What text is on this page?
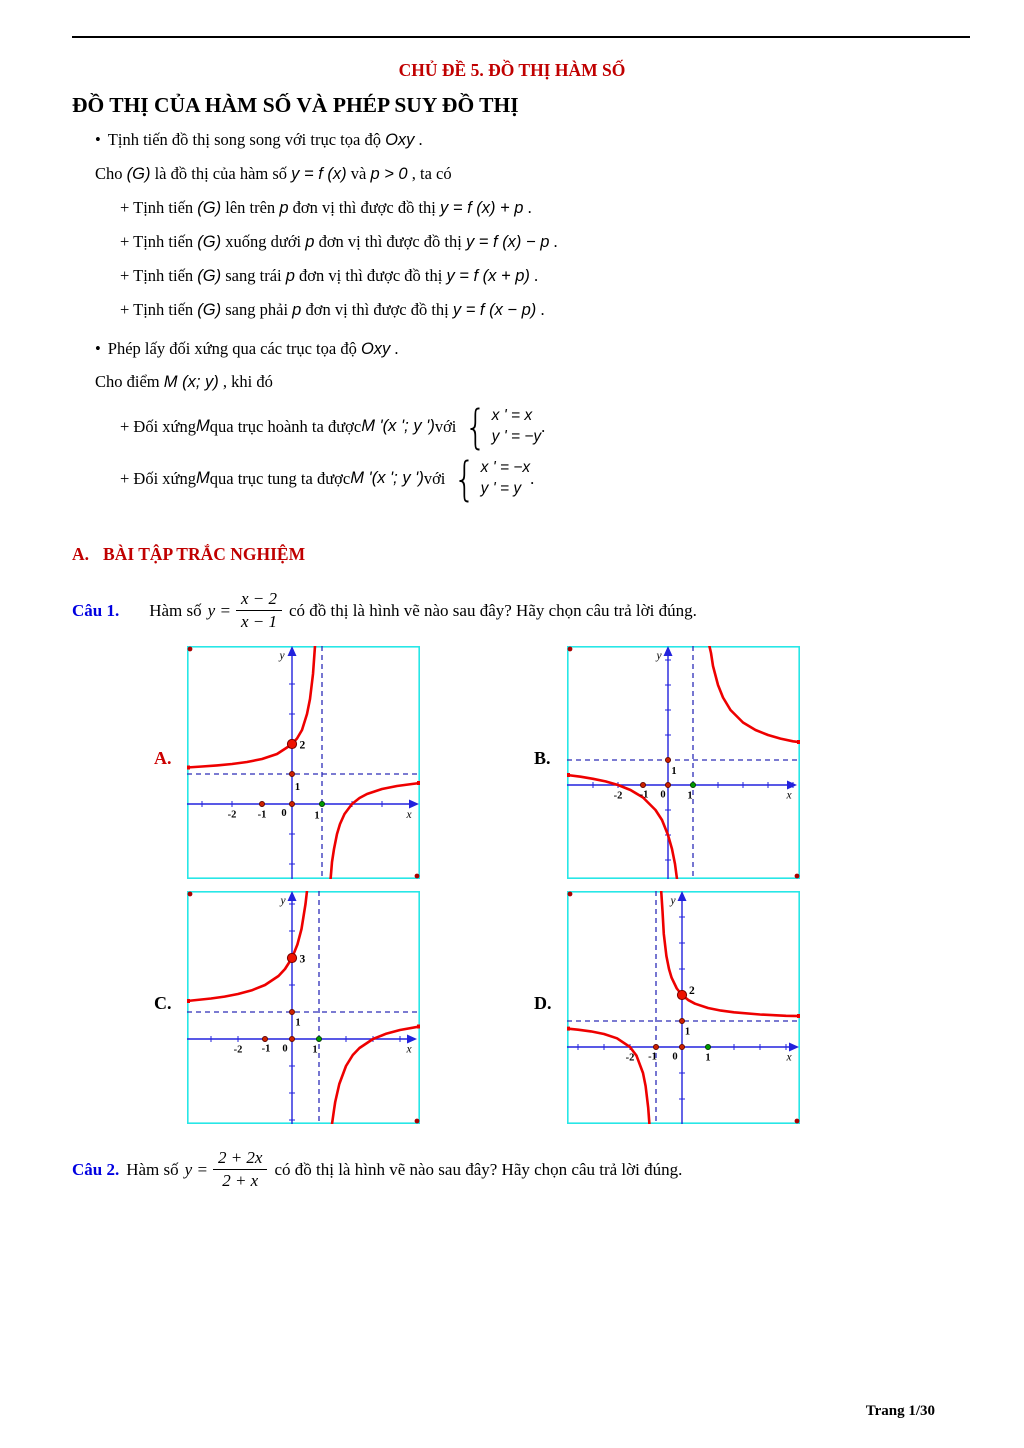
CHỦ ĐỀ 5. ĐỒ THỊ HÀM SỐ
ĐỒ THỊ CỦA HÀM SỐ VÀ PHÉP SUY ĐỒ THỊ

• Tịnh tiến đồ thị song song với trục tọa độ Oxy .

Cho (G) là đồ thị của hàm số y = f (x) và p > 0 , ta có

+ Tịnh tiến (G) lên trên p đơn vị thì được đồ thị y = f (x) + p .

+ Tịnh tiến (G) xuống dưới p đơn vị thì được đồ thị y = f (x) − p .

+ Tịnh tiến (G) sang trái p đơn vị thì được đồ thị y = f (x + p) .

+ Tịnh tiến (G) sang phải p đơn vị thì được đồ thị y = f (x − p) .

• Phép lấy đối xứng qua các trục tọa độ Oxy .

Cho điểm M (x; y) , khi đó

+ Đối xứng M qua trục hoành ta được M '(x '; y ') với { x ' = x
y ' = −y
.

+ Đối xứng M qua trục tung ta được M '(x '; y ') với { x ' = −x
y ' = y
.

A. BÀI TẬP TRẮC NGHIỆM
Câu 1. Hàm số $y = \frac{x - 2}{x - 1}$ có đồ thị là hình vẽ nào sau đây? Hãy chọn câu trả lời đúng.
A.
2
-2 -1 0	1
1
y
x
B.
-2 -1 0 1
1
y
x
C.
3
-2 -1 0 1
1
y
x
D.
2
-2 -1 0	1
1
y
x
Câu 2. Hàm số $y = \frac{2 + 2x}{2 + x}$ có đồ thị là hình vẽ nào sau đây? Hãy chọn câu trả lời đúng.
Trang 1/30
